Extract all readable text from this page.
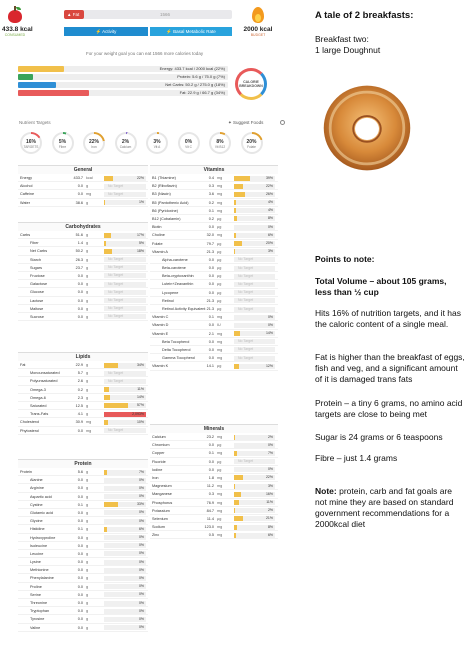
433.8 kcal
CONSUMED
▲ Fat	1566
⚡ Activity	⚡ Basal Metabolic Rate	2000 kcal
BUDGET
For your weight goal you can eat 1566 more calories today
Energy: 433.7 kcal / 2000 kcal (22%)
Protein: 5.6 g / 75.0 g (7%)
Net Carbs: 50.2 g / 275.0 g (18%)
Fat: 22.9 g / 66.7 g (34%)
CALORIE BREAKDOWN
Nutrient Targets	✦ Suggest Foods
16%
TARGETS
5%
Fibre
22%
Iron
2%
Calcium
3%
Vit A
0%
Vit C
8%
Vit B12
20%
Folate
General
Energy	433.7 kcal	22%
Alcohol	0.0 g	No Target
Caffeine	0.0 mg	No Target
Water	38.6 g	1%
Carbohydrates
Carbs	51.6 g	17%
Fiber	1.4 g	5%
Net Carbs	50.2 g	18%
Starch	26.3 g	No Target
Sugars	23.7 g	No Target
Fructose	0.0 g	No Target
Galactose	0.0 g	No Target
Glucose	0.0 g	No Target
Lactose	0.0 g	No Target
Maltose	0.0 g	No Target
Sucrose	0.0 g	No Target
Lipids
Fat	22.9 g	34%
Monounsaturated	5.7 g	No Target
Polyunsaturated	2.6 g	No Target
Omega-3	0.2 g	11%
Omega-6	2.3 g	14%
Saturated	12.5 g	57%
Trans-Fats	4.1 g	2,093%
Cholesterol	30.9 mg	10%
Phytosterol	0.0 mg	No Target
Protein
Protein	5.6 g	7%
Alanine	0.0 g	0%
Arginine	0.0 g	0%
Aspartic acid	0.0 g	0%
Cystine	0.1 g	33%
Glutamic acid	0.0 g	0%
Glycine	0.0 g	0%
Histidine	0.1 g	6%
Hydroxyproline	0.0 g	0%
Isoleucine	0.0 g	0%
Leucine	0.0 g	0%
Lysine	0.0 g	0%
Methionine	0.0 g	0%
Phenylalanine	0.0 g	0%
Proline	0.0 g	0%
Serine	0.0 g	0%
Threonine	0.0 g	0%
Tryptophan	0.0 g	0%
Tyrosine	0.0 g	0%
Valine	0.0 g	0%
Vitamins
B1 (Thiamine)	0.4 mg	39%
B2 (Riboflavin)	0.3 mg	22%
B3 (Niacin)	3.6 mg	26%
B5 (Pantothenic Acid)	0.2 mg	4%
B6 (Pyridoxine)	0.1 mg	4%
B12 (Cobalamin)	0.2 µg	8%
Biotin	0.0 µg	0%
Choline	32.0 mg	6%
Folate	79.7 µg	20%
Vitamin A	21.3 µg	3%
Alpha-carotene	0.0 µg	No Target
Beta-carotene	0.0 µg	No Target
Beta-cryptoxanthin	0.0 µg	No Target
Lutein+Zeaxanthin	0.0 µg	No Target
Lycopene	0.0 µg	No Target
Retinol	21.3 µg	No Target
Retinol Activity Equivalent 21.3 µg	No Target
Vitamin C	0.1 mg	0%
Vitamin D	0.0 IU	0%
Vitamin E	2.1 mg	14%
Beta Tocopherol	0.0 mg	No Target
Delta Tocopherol	0.0 mg	No Target
Gamma Tocopherol	0.0 mg	No Target
Vitamin K	14.1 µg	12%
Minerals
Calcium	23.2 mg	2%
Chromium	0.0 µg	0%
Copper	0.1 mg	7%
Fluoride	0.0 µg	No Target
Iodine	0.0 µg	0%
Iron	1.8 mg	22%
Magnesium	11.2 mg	3%
Manganese	0.3 mg	16%
Phosphorus	76.9 mg	11%
Potassium	84.7 mg	2%
Selenium	11.4 µg	21%
Sodium	123.0 mg	8%
Zinc	0.5 mg	6%
A tale of 2 breakfasts:
Breakfast two:
1 large Doughnut
Points to note:
Total Volume – about 105 grams, less than ½ cup
Hits 16% of nutrition targets, and it has the caloric content of a single meal.
Fat is higher than the breakfast of eggs, fish and veg, and a significant amount of it is damaged trans fats
Protein – a tiny 6 grams, no amino acid targets are close to being met
Sugar is 24 grams or 6 teaspoons
Fibre – just 1.4 grams
Note: protein, carb and fat goals are not mine they are based on standard government recommendations for a 2000kcal diet
